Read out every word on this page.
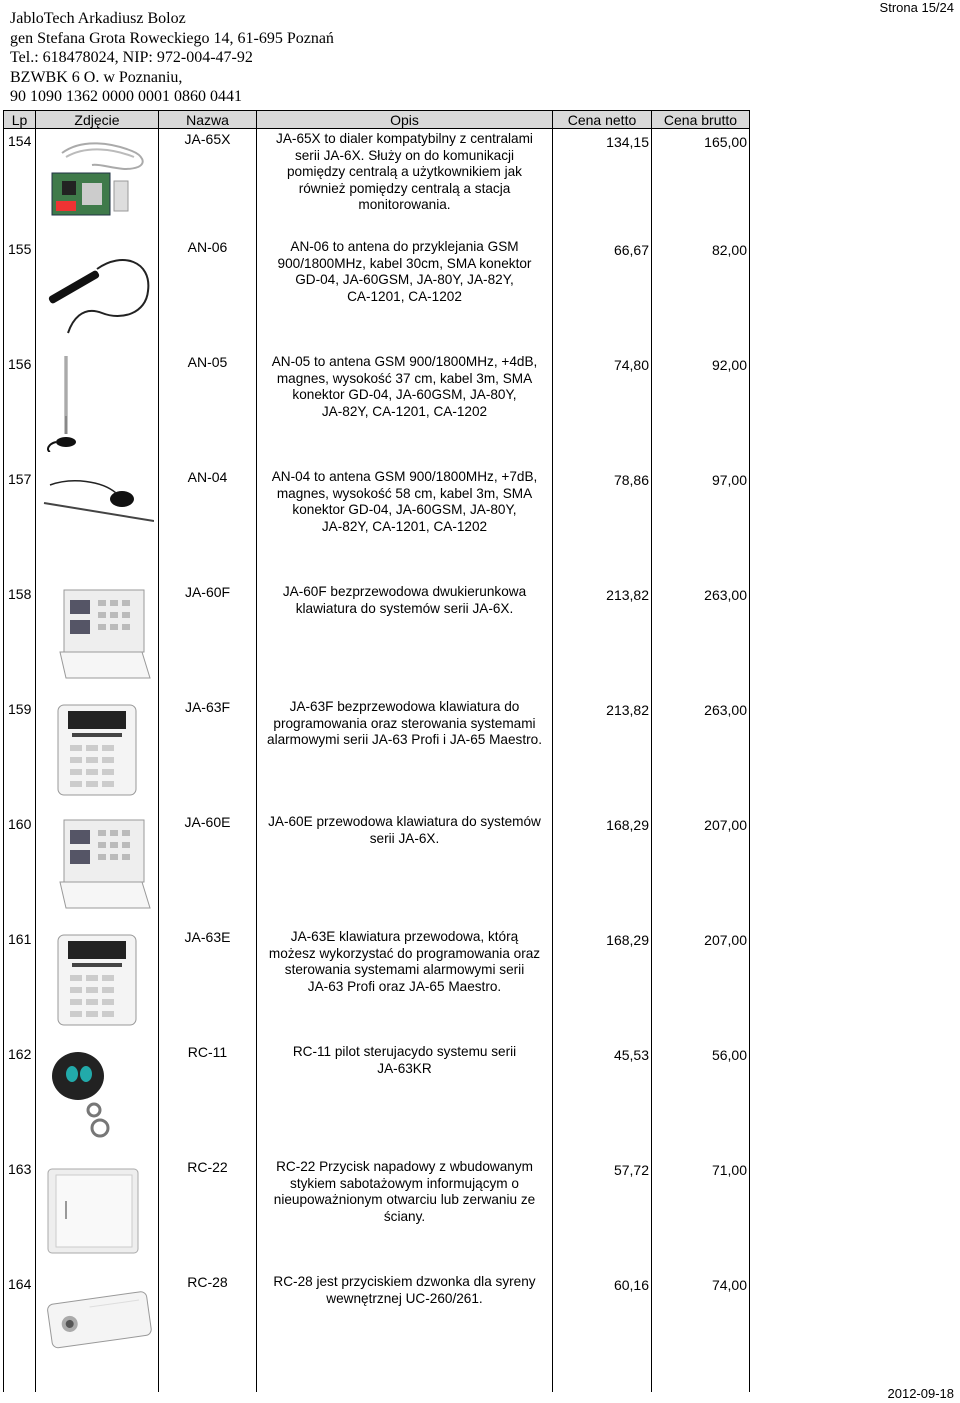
JabloTech Arkadiusz Boloz
gen Stefana Grota Roweckiego 14, 61-695 Poznań
Tel.: 618478024, NIP: 972-004-47-92
BZWBK 6 O. w Poznaniu,
90 1090 1362 0000 0001 0860 0441
Strona 15/24
Lp	Zdjęcie	Nazwa	Opis	Cena netto	Cena brutto
154		JA-65X	JA-65X to dialer kompatybilny z centralami
serii JA-6X. Służy on do komunikacji
pomiędzy centralą a użytkownikiem jak
również pomiędzy centralą a stacja
monitorowania.	134,15	165,00
155		AN-06	AN-06 to antena do przyklejania GSM
900/1800MHz, kabel 30cm, SMA konektor
GD-04, JA-60GSM, JA-80Y, JA-82Y,
CA-1201, CA-1202	66,67	82,00
156		AN-05	AN-05 to antena GSM 900/1800MHz, +4dB,
magnes, wysokość 37 cm, kabel 3m, SMA
konektor GD-04, JA-60GSM, JA-80Y,
JA-82Y, CA-1201, CA-1202	74,80	92,00
157		AN-04	AN-04 to antena GSM 900/1800MHz, +7dB,
magnes, wysokość 58 cm, kabel 3m, SMA
konektor GD-04, JA-60GSM, JA-80Y,
JA-82Y, CA-1201, CA-1202	78,86	97,00
158		JA-60F	JA-60F bezprzewodowa dwukierunkowa
klawiatura do systemów serii JA-6X.	213,82	263,00
159		JA-63F	JA-63F bezprzewodowa klawiatura do
programowania oraz sterowania systemami
alarmowymi serii JA-63 Profi i JA-65 Maestro.	213,82	263,00
160		JA-60E	JA-60E przewodowa klawiatura do systemów
serii JA-6X.	168,29	207,00
161		JA-63E	JA-63E klawiatura przewodowa, którą
możesz wykorzystać do programowania oraz
sterowania systemami alarmowymi serii
JA-63 Profi oraz JA-65 Maestro.	168,29	207,00
162		RC-11	RC-11 pilot sterujacydo systemu serii
JA-63KR	45,53	56,00
163		RC-22	RC-22 Przycisk napadowy z wbudowanym
stykiem sabotażowym informującym o
nieupoważnionym otwarciu lub zerwaniu ze
ściany.	57,72	71,00
164		RC-28	RC-28 jest przyciskiem dzwonka dla syreny
wewnętrznej UC-260/261.	60,16	74,00
2012-09-18
